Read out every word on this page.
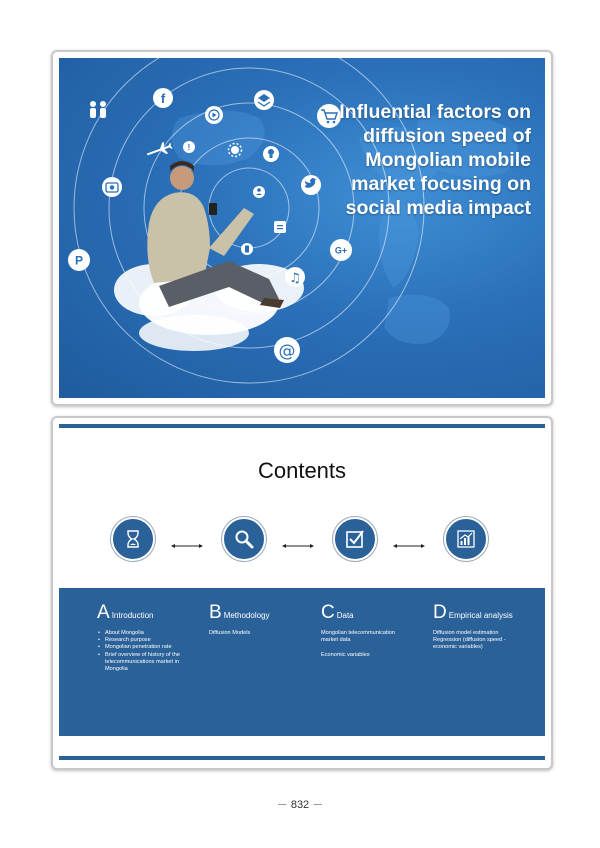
f
!
G+
P
♫
@
Influential factors on
diffusion speed of
Mongolian mobile
market focusing on
social media impact
Contents
A Introduction
• About Mongolia
• Research purpose
• Mongolian penetration rate
• Brief overview of history of the telecommunications market in Mongolia
B Methodology

Diffusion Models

C Data

Mongolian telecommunication market data

Economic variables

D Empirical analysis

Diffusion model estimation

Regression (diffusion speed - economic variables)

－ 832 －
